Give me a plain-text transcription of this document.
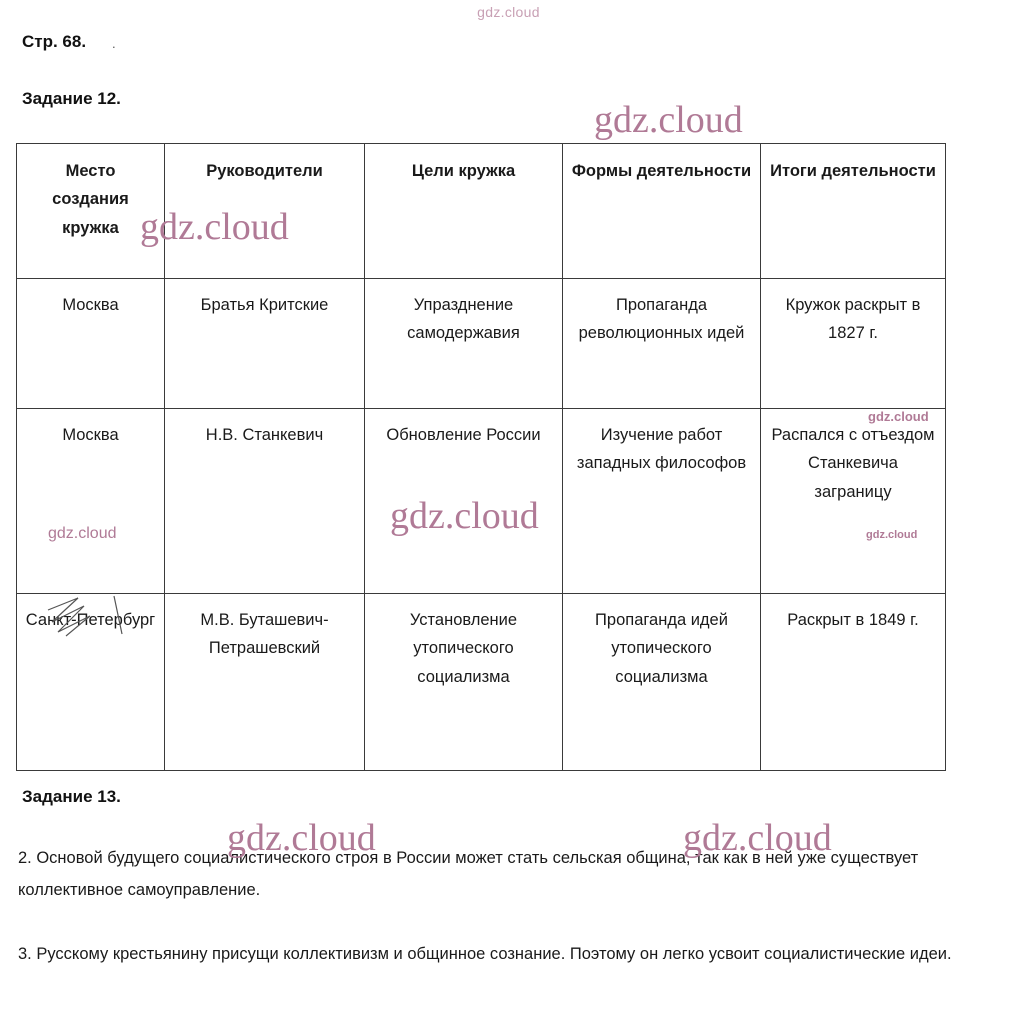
gdz.cloud
Стр. 68. .
Задание 12.
Место создания кружка	Руководители	Цели кружка	Формы деятельности	Итоги деятельности
Москва	Братья Критские	Упразднение самодержавия	Пропаганда революционных идей	Кружок раскрыт в 1827 г.
Москва	Н.В. Станкевич	Обновление России	Изучение работ западных философов	Распался с отъездом Станкевича заграницу
Санкт-Петербург	М.В. Буташевич-Петрашевский	Установление утопического социализма	Пропаганда идей утопического социализма	Раскрыт в 1849 г.
Задание 13.
2. Основой будущего социалистического строя в России может стать сельская община, так как в ней уже существует коллективное самоуправление.
3. Русскому крестьянину присущи коллективизм и общинное сознание. Поэтому он легко усвоит социалистические идеи.
gdz.cloud
gdz.cloud
gdz.cloud
gdz.cloud	gdz.cloud
gdz.cloud
gdz.cloud	gdz.cloud
